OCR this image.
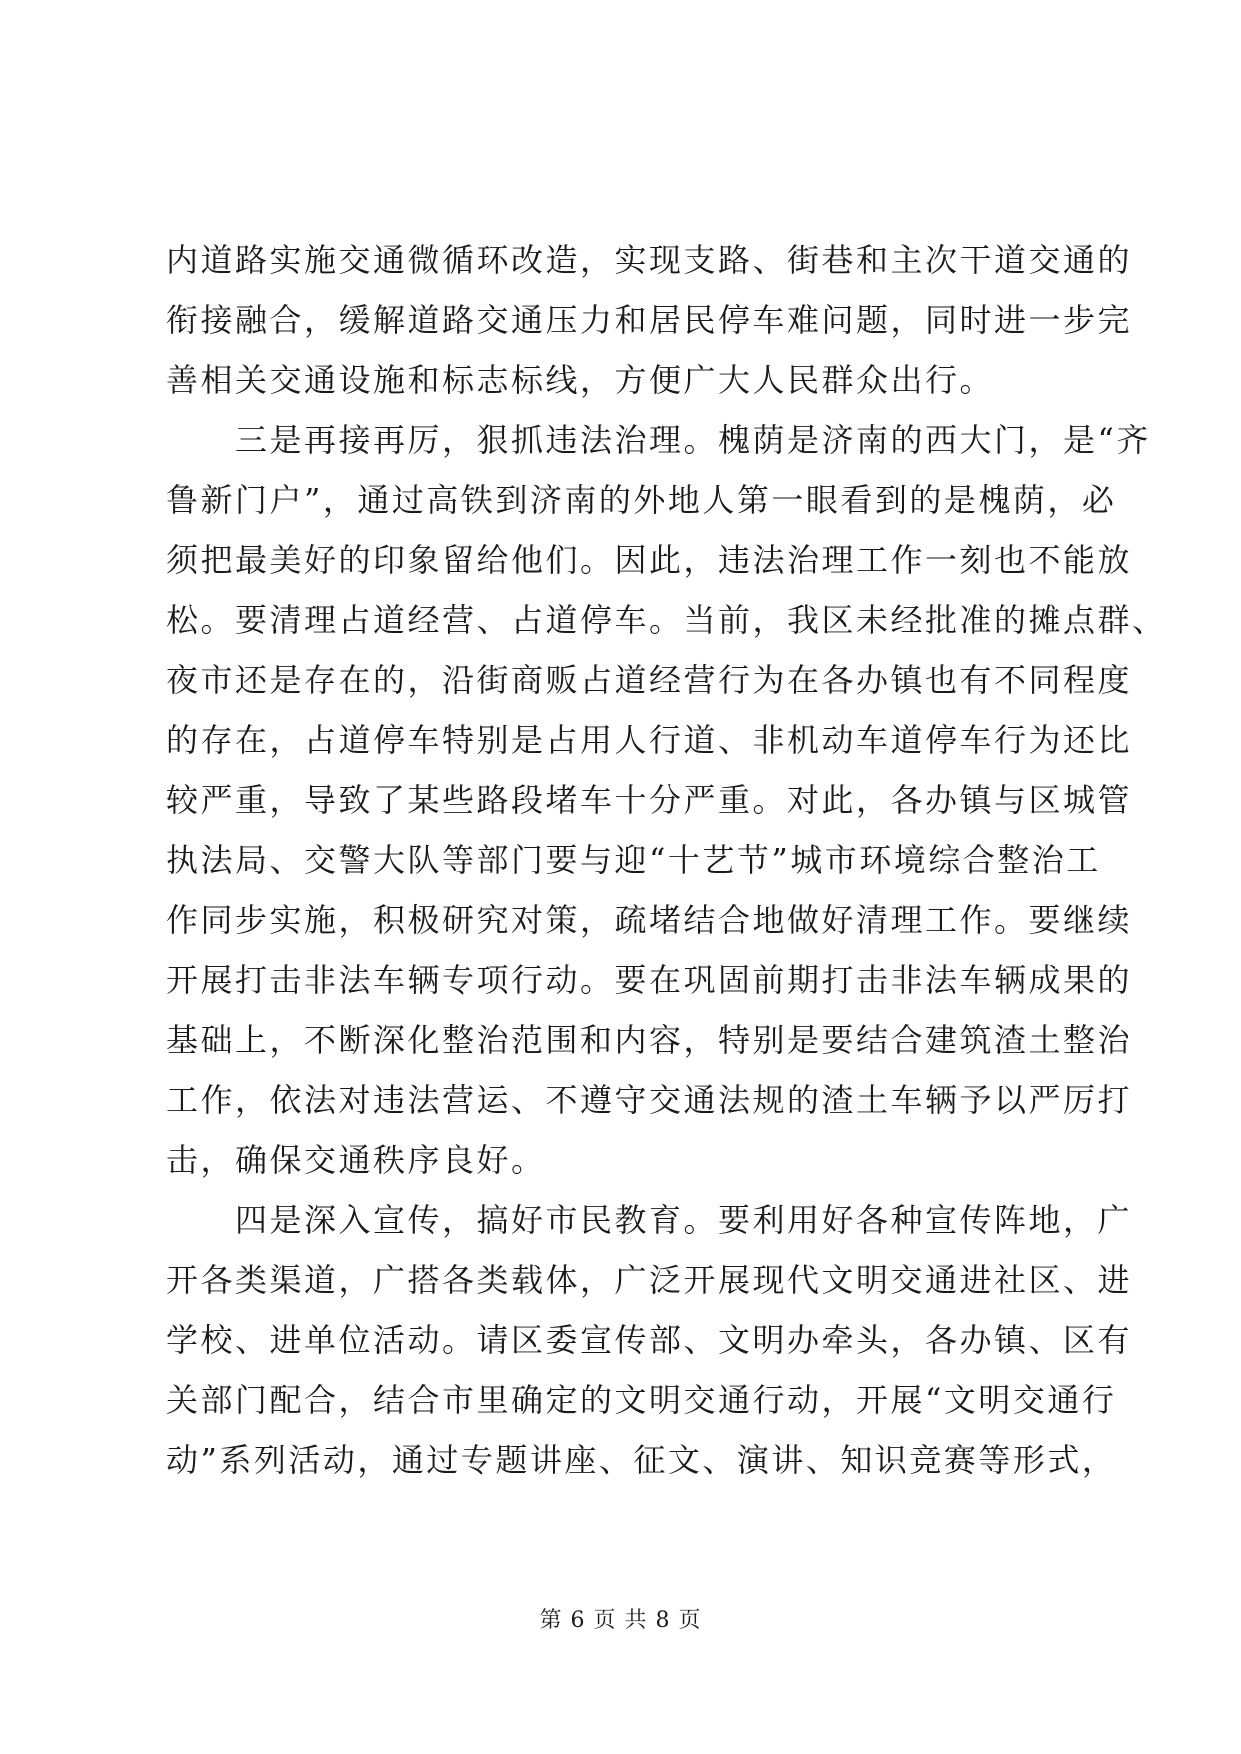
内道路实施交通微循环改造，实现支路、街巷和主次干道交通的
衔接融合，缓解道路交通压力和居民停车难问题，同时进一步完
善相关交通设施和标志标线，方便广大人民群众出行。
　　三是再接再厉，狠抓违法治理。槐荫是济南的西大门，是“齐
鲁新门户”，通过高铁到济南的外地人第一眼看到的是槐荫，必
须把最美好的印象留给他们。因此，违法治理工作一刻也不能放
松。要清理占道经营、占道停车。当前，我区未经批准的摊点群、
夜市还是存在的，沿街商贩占道经营行为在各办镇也有不同程度
的存在，占道停车特别是占用人行道、非机动车道停车行为还比
较严重，导致了某些路段堵车十分严重。对此，各办镇与区城管
执法局、交警大队等部门要与迎“十艺节”城市环境综合整治工
作同步实施，积极研究对策，疏堵结合地做好清理工作。要继续
开展打击非法车辆专项行动。要在巩固前期打击非法车辆成果的
基础上，不断深化整治范围和内容，特别是要结合建筑渣土整治
工作，依法对违法营运、不遵守交通法规的渣土车辆予以严厉打
击，确保交通秩序良好。
　　四是深入宣传，搞好市民教育。要利用好各种宣传阵地，广
开各类渠道，广搭各类载体，广泛开展现代文明交通进社区、进
学校、进单位活动。请区委宣传部、文明办牵头，各办镇、区有
关部门配合，结合市里确定的文明交通行动，开展“文明交通行
动”系列活动，通过专题讲座、征文、演讲、知识竞赛等形式，
第 6 页 共 8 页
